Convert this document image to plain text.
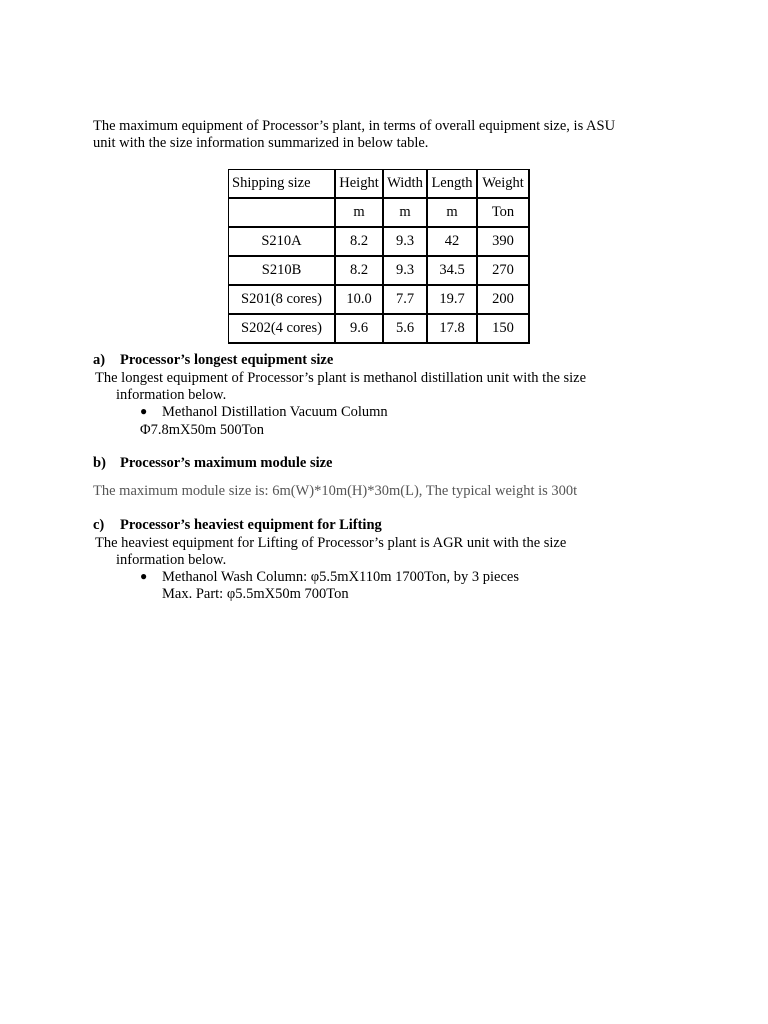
The maximum equipment of Processor’s plant, in terms of overall equipment size, is ASU
unit with the size information summarized in below table.
Shipping size	Height	Width	Length	Weight
	m	m	m	Ton
S210A	8.2	9.3	42	390
S210B	8.2	9.3	34.5	270
S201(8 cores)	10.0	7.7	19.7	200
S202(4 cores)	9.6	5.6	17.8	150
a) Processor’s longest equipment size
The longest equipment of Processor’s plant is methanol distillation unit with the size
information below.
● Methanol Distillation Vacuum Column
Φ7.8mX50m 500Ton
b) Processor’s maximum module size
The maximum module size is: 6m(W)*10m(H)*30m(L), The typical weight is 300t
c) Processor’s heaviest equipment for Lifting
The heaviest equipment for Lifting of Processor’s plant is AGR unit with the size
information below.
● Methanol Wash Column: φ5.5mX110m 1700Ton, by 3 pieces
Max. Part: φ5.5mX50m 700Ton
